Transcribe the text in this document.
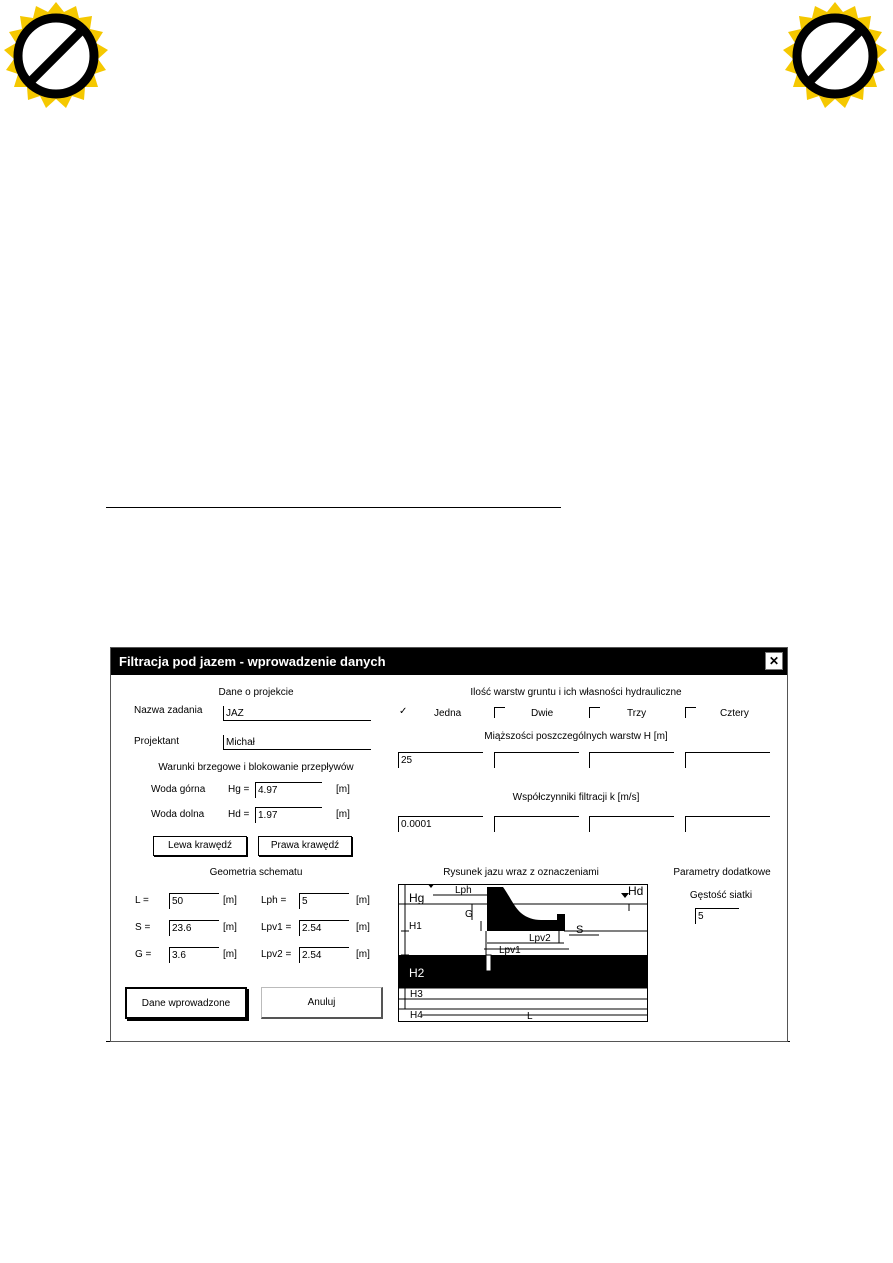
Filtracja pod jazem - wprowadzenie danych	✕
Dane o projekcie
Nazwa zadania	JAZ
Projektant	Michał
Warunki brzegowe i blokowanie przepływów
Woda górna Hg = 4.97	[m]
Woda dolna Hd = 1.97	[m]
Lewa krawędź	Prawa krawędź
Geometria schematu
L =	50	[m] Lph =	5	[m]
S =	23.6	[m] Lpv1 =	2.54	[m]
G =	3.6	[m] Lpv2 =	2.54	[m]
Dane wprowadzone	Anuluj
Ilość warstw gruntu i ich własności hydrauliczne
✓	Jedna	Dwie	Trzy	Cztery
Miąższości poszczególnych warstw H [m]
25
Współczynniki filtracji k [m/s]
0.0001
Rysunek jazu wraz z oznaczeniami
Hg	Hd
Lph
G
H1
Lpv2
S
Lpv1
H2
H3
H4	L
Parametry dodatkowe
Gęstość siatki
5
